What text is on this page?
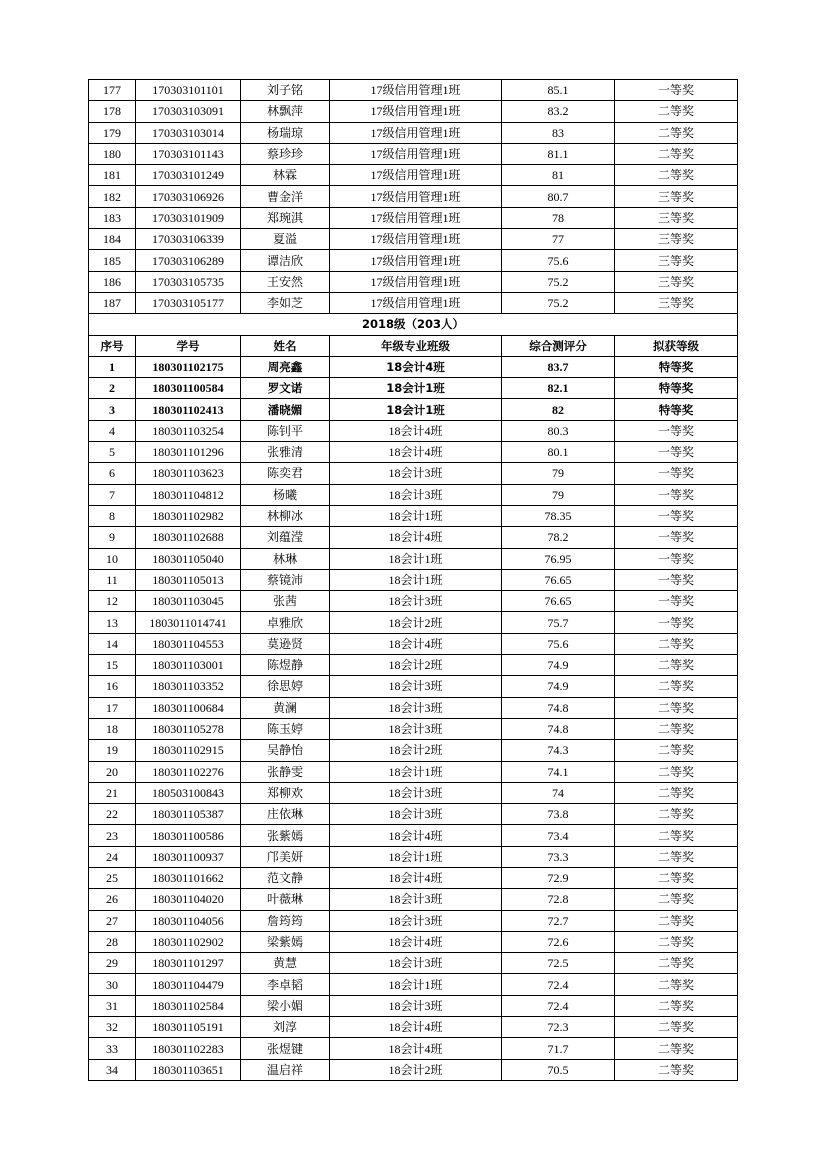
177	170303101101	刘子铭	17级信用管理1班	85.1	一等奖
178	170303103091	林飘萍	17级信用管理1班	83.2	二等奖
179	170303103014	杨瑞琼	17级信用管理1班	83	二等奖
180	170303101143	蔡珍珍	17级信用管理1班	81.1	二等奖
181	170303101249	林霖	17级信用管理1班	81	二等奖
182	170303106926	曹金洋	17级信用管理1班	80.7	三等奖
183	170303101909	郑琬淇	17级信用管理1班	78	三等奖
184	170303106339	夏溢	17级信用管理1班	77	三等奖
185	170303106289	谭洁欣	17级信用管理1班	75.6	三等奖
186	170303105735	王安然	17级信用管理1班	75.2	三等奖
187	170303105177	李如芝	17级信用管理1班	75.2	三等奖
2018级（203人）					
序号	学号	姓名	年级专业班级	综合测评分	拟获等级
1	180301102175	周亮鑫	18会计4班	83.7	特等奖
2	180301100584	罗文诺	18会计1班	82.1	特等奖
3	180301102413	潘晓媚	18会计1班	82	特等奖
4	180301103254	陈钊平	18会计4班	80.3	一等奖
5	180301101296	张雅清	18会计4班	80.1	一等奖
6	180301103623	陈奕君	18会计3班	79	一等奖
7	180301104812	杨曦	18会计3班	79	一等奖
8	180301102982	林柳冰	18会计1班	78.35	一等奖
9	180301102688	刘蕴滢	18会计4班	78.2	一等奖
10	180301105040	林琳	18会计1班	76.95	一等奖
11	180301105013	蔡镜沛	18会计1班	76.65	一等奖
12	180301103045	张茜	18会计3班	76.65	一等奖
13	1803011014741	卓雅欣	18会计2班	75.7	一等奖
14	180301104553	莫逊贤	18会计4班	75.6	二等奖
15	180301103001	陈煜静	18会计2班	74.9	二等奖
16	180301103352	徐思婷	18会计3班	74.9	二等奖
17	180301100684	黄澜	18会计3班	74.8	二等奖
18	180301105278	陈玉婷	18会计3班	74.8	二等奖
19	180301102915	吴静怡	18会计2班	74.3	二等奖
20	180301102276	张静雯	18会计1班	74.1	二等奖
21	180503100843	郑柳欢	18会计3班	74	二等奖
22	180301105387	庄依琳	18会计3班	73.8	二等奖
23	180301100586	张紫嫣	18会计4班	73.4	二等奖
24	180301100937	邝美妍	18会计1班	73.3	二等奖
25	180301101662	范文静	18会计4班	72.9	二等奖
26	180301104020	叶薇琳	18会计3班	72.8	二等奖
27	180301104056	詹筠筠	18会计3班	72.7	二等奖
28	180301102902	梁紫嫣	18会计4班	72.6	二等奖
29	180301101297	黄慧	18会计3班	72.5	二等奖
30	180301104479	李卓韬	18会计1班	72.4	二等奖
31	180301102584	梁小媚	18会计3班	72.4	二等奖
32	180301105191	刘淳	18会计4班	72.3	二等奖
33	180301102283	张煜键	18会计4班	71.7	二等奖
34	180301103651	温启祥	18会计2班	70.5	二等奖
